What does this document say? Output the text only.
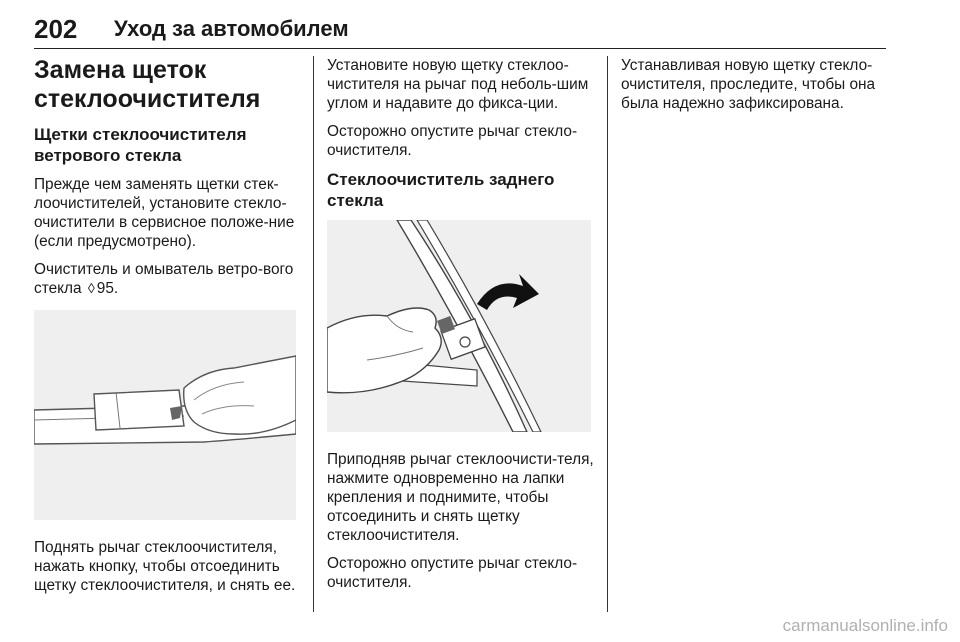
202 Уход за автомобилем
Замена щеток стеклоочистителя
Щетки стеклоочистителя ветрового стекла

Прежде чем заменять щетки стек-лоочистителей, установите стекло-очистители в сервисное положе-ние (если предусмотрено).

Очиститель и омыватель ветро-вого стекла ◊ 95.

Поднять рычаг стеклоочистителя, нажать кнопку, чтобы отсоединить щетку стеклоочистителя, и снять ее.

Установите новую щетку стеклоо-чистителя на рычаг под неболь-шим углом и надавите до фикса-ции.

Осторожно опустите рычаг стекло-очистителя.

Стеклоочиститель заднего стекла

Приподняв рычаг стеклоочисти-теля, нажмите одновременно на лапки крепления и поднимите, чтобы отсоединить и снять щетку стеклоочистителя.

Осторожно опустите рычаг стекло-очистителя.

Устанавливая новую щетку стекло-очистителя, проследите, чтобы она была надежно зафиксирована.

carmanualsonline.info
